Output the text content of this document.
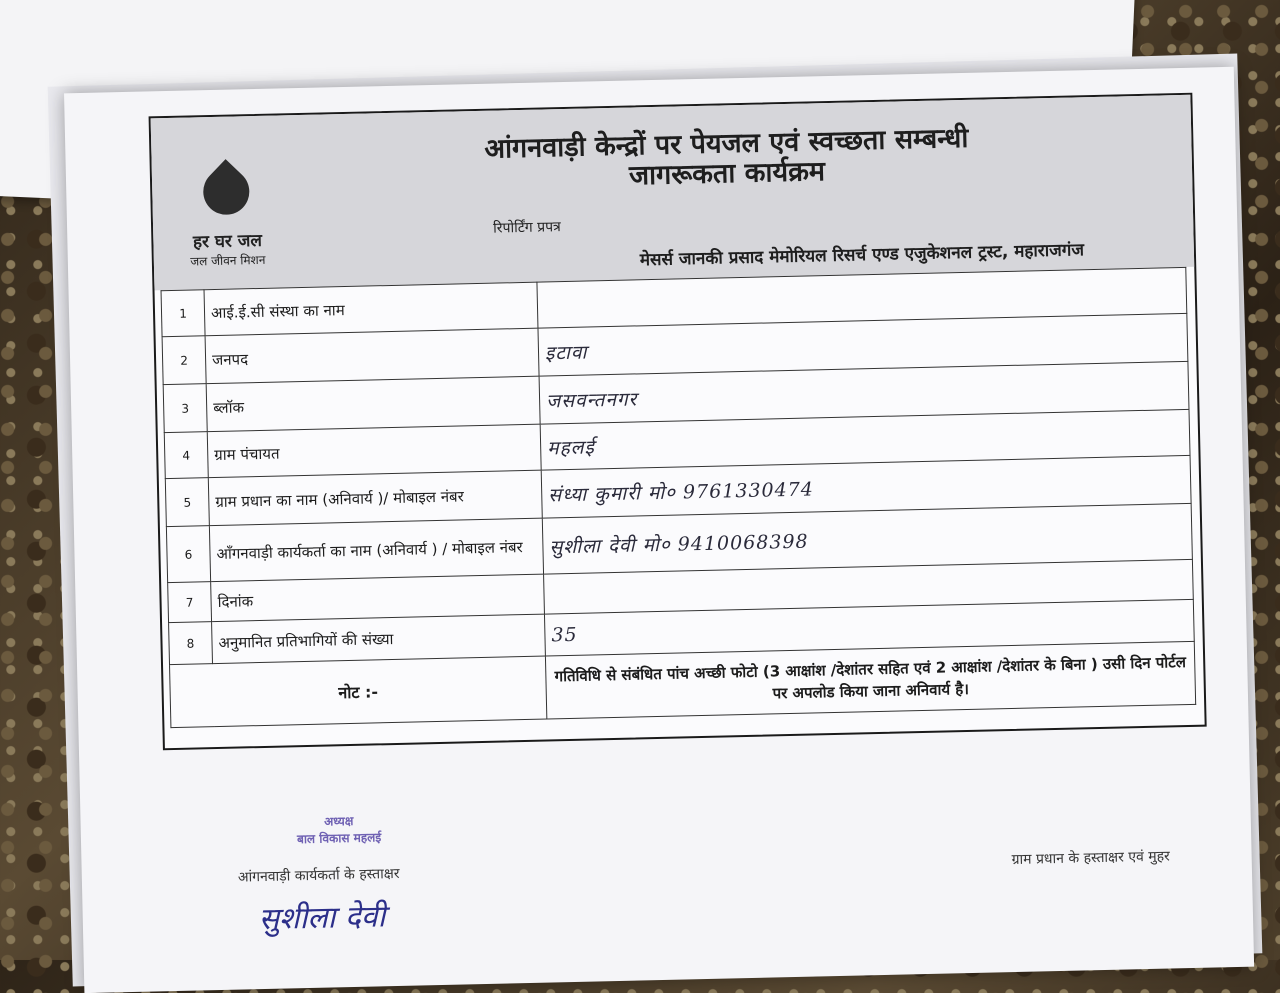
हर घर जल
जल जीवन मिशन
आंगनवाड़ी केन्द्रों पर पेयजल एवं स्वच्छता सम्बन्धी
जागरूकता कार्यक्रम
रिपोर्टिंग प्रपत्र
मेसर्स जानकी प्रसाद मेमोरियल रिसर्च एण्ड एजुकेशनल ट्रस्ट, महाराजगंज
1	आई.ई.सी संस्था का नाम	
2	जनपद	इटावा
3	ब्लॉक	जसवन्तनगर
4	ग्राम पंचायत	महलई
5	ग्राम प्रधान का नाम (अनिवार्य )/ मोबाइल नंबर	संध्या कुमारी मो० 9761330474
6	आँगनवाड़ी कार्यकर्ता का नाम (अनिवार्य ) / मोबाइल नंबर	सुशीला देवी मो० 9410068398
7	दिनांक	
8	अनुमानित प्रतिभागियों की संख्या	35
नोट :-		गतिविधि से संबंधित पांच अच्छी फोटो (3 आक्षांश /देशांतर सहित एवं 2 आक्षांश /देशांतर के बिना ) उसी दिन पोर्टल पर अपलोड किया जाना अनिवार्य है।
अध्यक्ष
बाल विकास महलई
आंगनवाड़ी कार्यकर्ता के हस्ताक्षर
ग्राम प्रधान के हस्ताक्षर एवं मुहर
सुशीला देवी
